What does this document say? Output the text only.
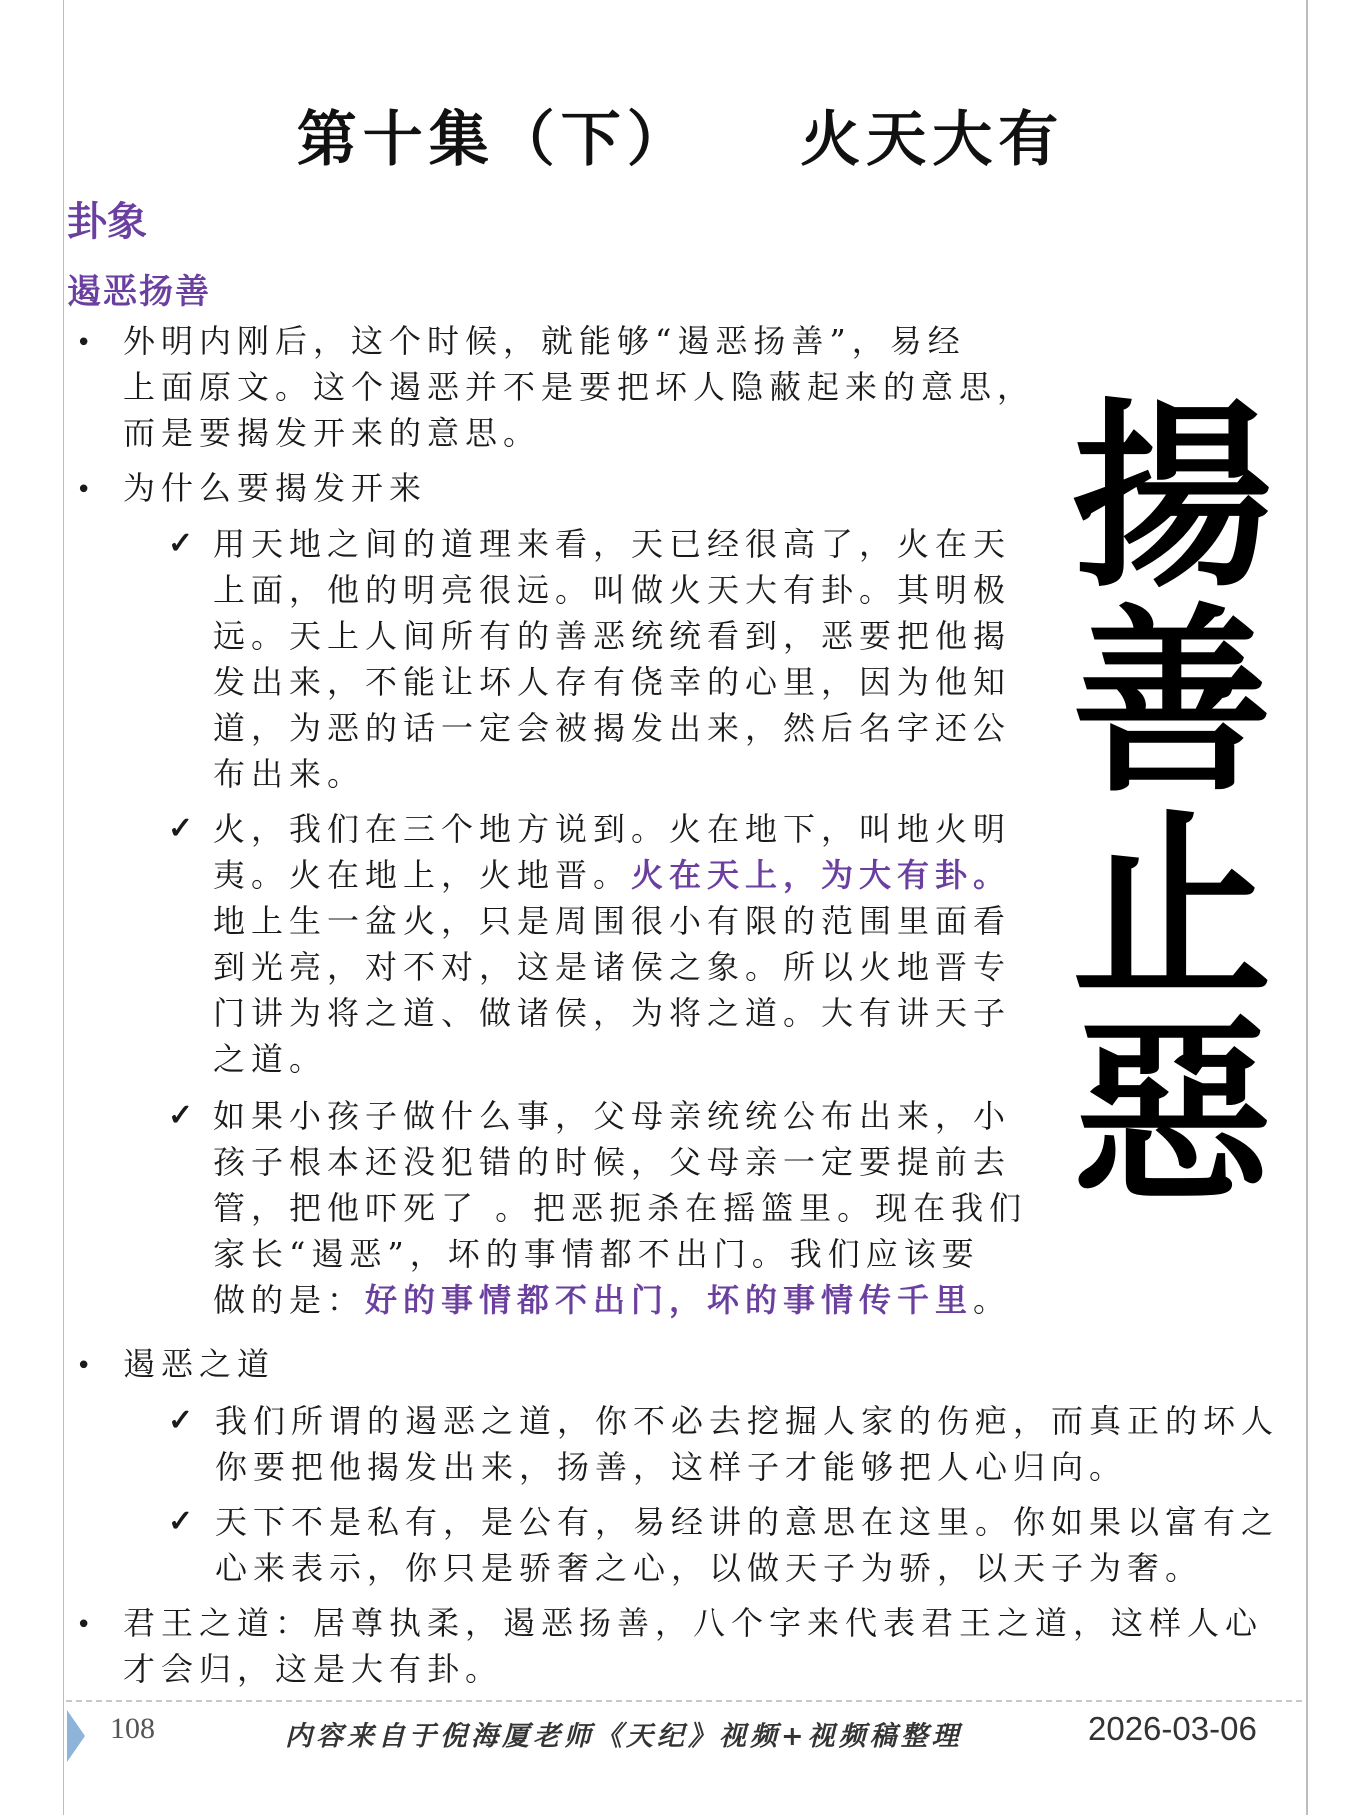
第十集（下）    火天大有
卦象
遏恶扬善
• 外明内刚后，这个时候，就能够“遏恶扬善”，易经
上面原文。这个遏恶并不是要把坏人隐蔽起来的意思，
而是要揭发开来的意思。
• 为什么要揭发开来
✓ 用天地之间的道理来看，天已经很高了，火在天
上面，他的明亮很远。叫做火天大有卦。其明极
远。天上人间所有的善恶统统看到，恶要把他揭
发出来，不能让坏人存有侥幸的心里，因为他知
道，为恶的话一定会被揭发出来，然后名字还公
布出来。
✓ 火，我们在三个地方说到。火在地下，叫地火明
夷。火在地上，火地晋。火在天上，为大有卦。
地上生一盆火，只是周围很小有限的范围里面看
到光亮，对不对，这是诸侯之象。所以火地晋专
门讲为将之道、做诸侯，为将之道。大有讲天子
之道。
✓ 如果小孩子做什么事，父母亲统统公布出来，小
孩子根本还没犯错的时候，父母亲一定要提前去
管，把他吓死了 。把恶扼杀在摇篮里。现在我们
家长“遏恶”，坏的事情都不出门。我们应该要
做的是：好的事情都不出门，坏的事情传千里。
• 遏恶之道
✓ 我们所谓的遏恶之道，你不必去挖掘人家的伤疤，而真正的坏人
你要把他揭发出来，扬善，这样子才能够把人心归向。
✓ 天下不是私有，是公有，易经讲的意思在这里。你如果以富有之
心来表示，你只是骄奢之心，以做天子为骄，以天子为奢。
• 君王之道：居尊执柔，遏恶扬善，八个字来代表君王之道，这样人心
才会归，这是大有卦。
揚
善
止
惡
108	内容来自于倪海厦老师《天纪》视频+视频稿整理	2026-03-06
